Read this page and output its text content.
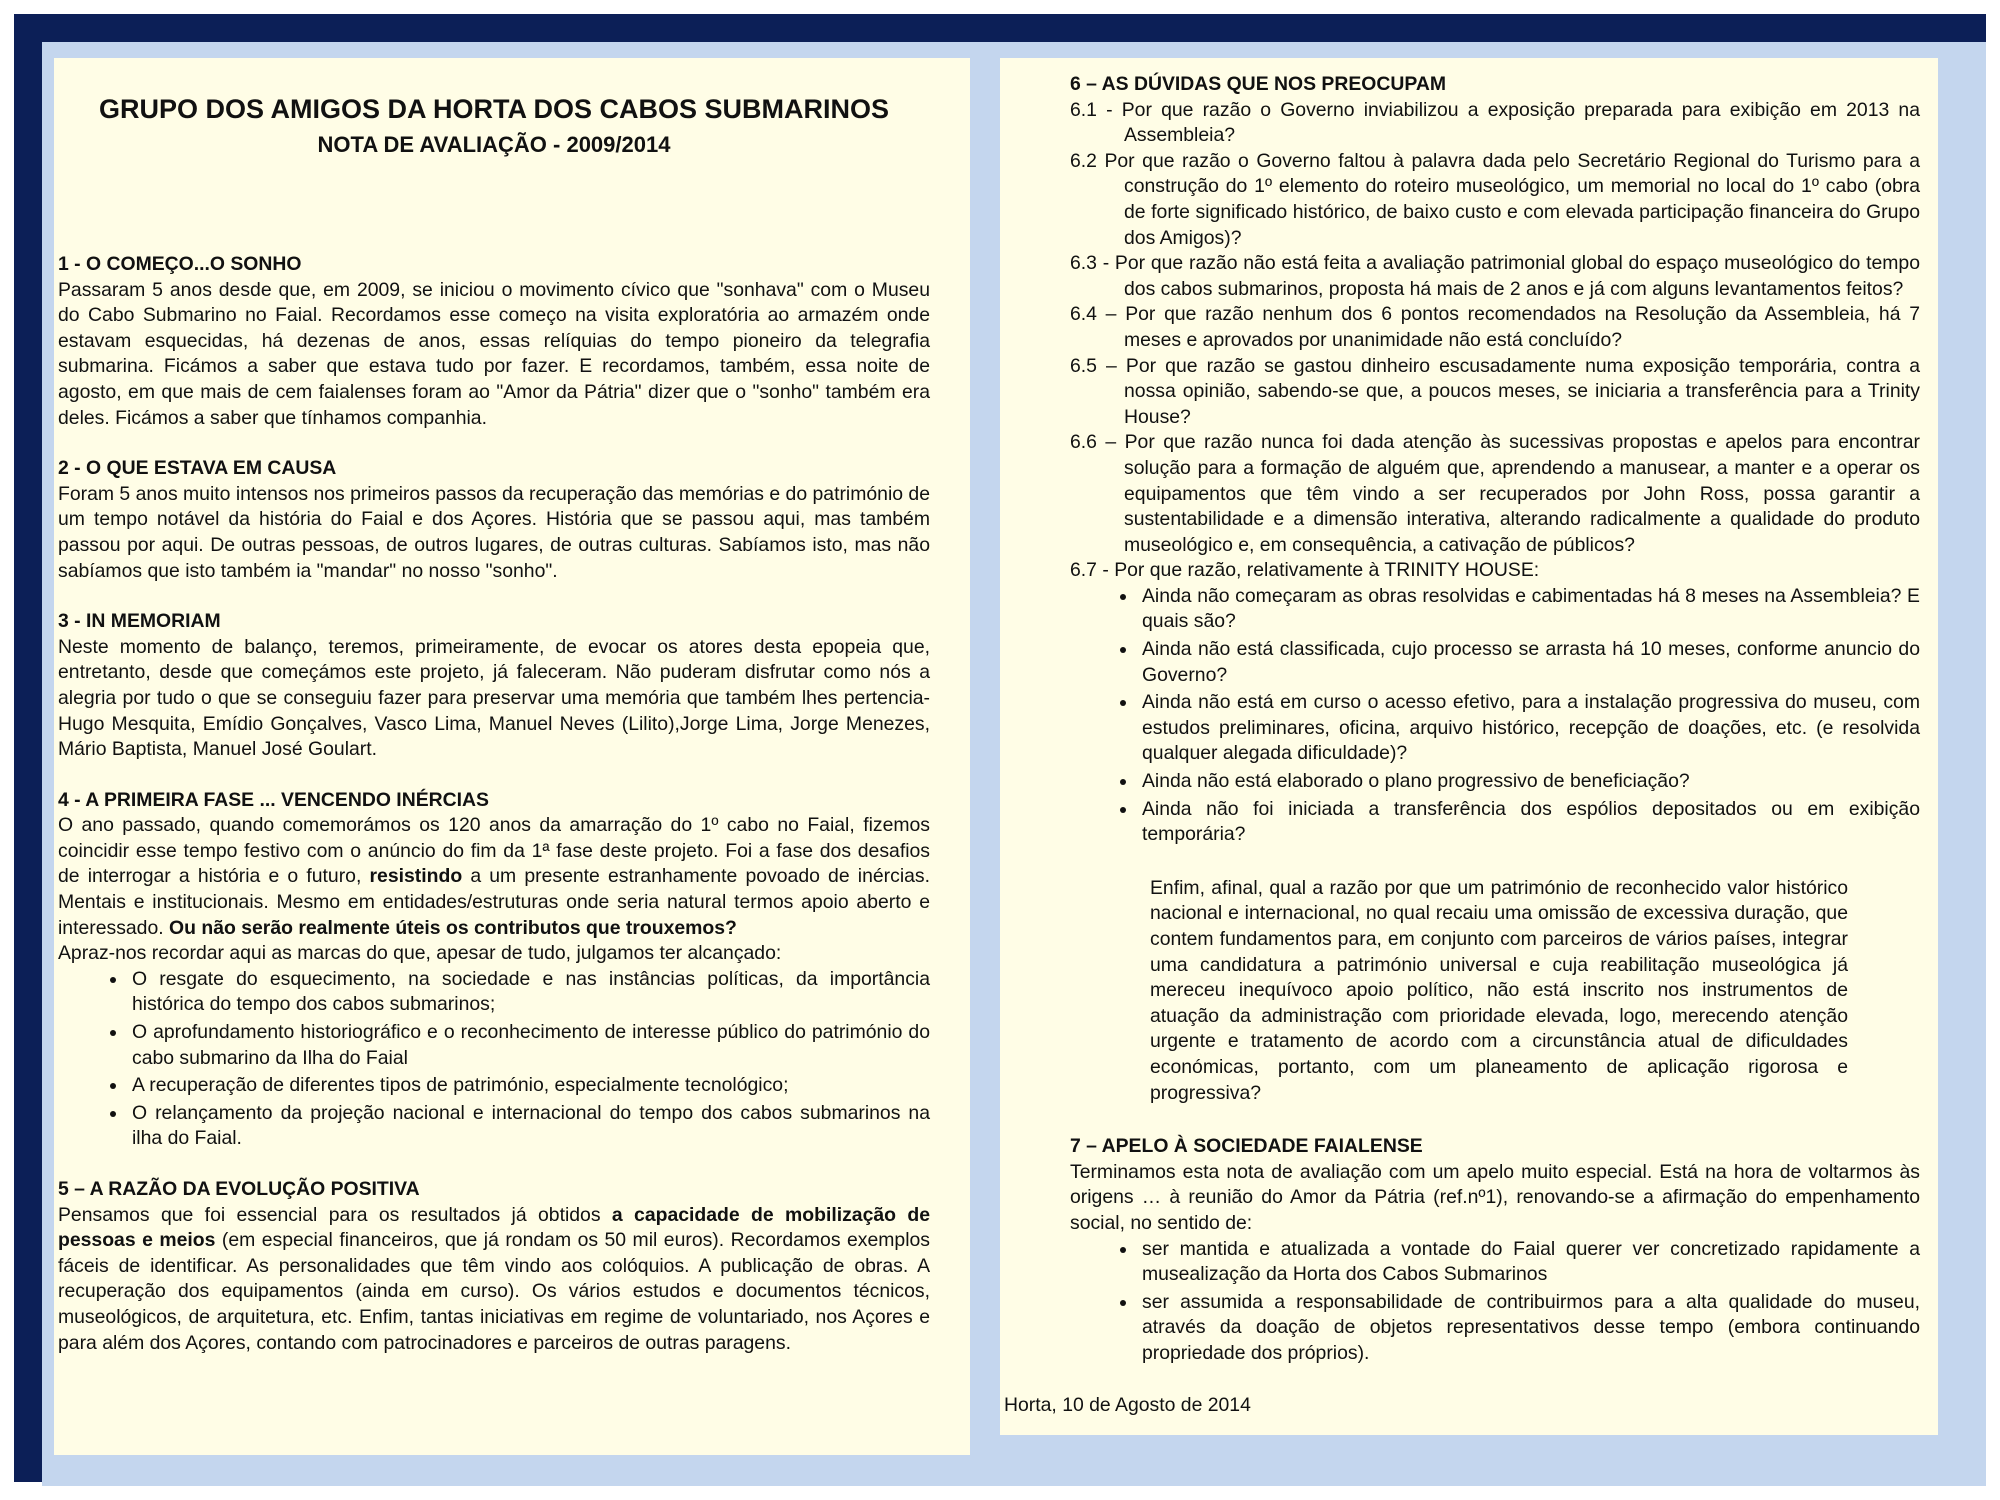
GRUPO DOS AMIGOS DA HORTA DOS CABOS SUBMARINOS
NOTA DE AVALIAÇÃO - 2009/2014
1 - O COMEÇO...O SONHO

Passaram 5 anos desde que, em 2009, se iniciou o movimento cívico que "sonhava" com o Museu do Cabo Submarino no Faial. Recordamos esse começo na visita exploratória ao armazém onde estavam esquecidas, há dezenas de anos, essas relíquias do tempo pioneiro da telegrafia submarina. Ficámos a saber que estava tudo por fazer. E recordamos, também, essa noite de agosto, em que mais de cem faialenses foram ao "Amor da Pátria" dizer que o "sonho" também era deles. Ficámos a saber que tínhamos companhia.

2 - O QUE ESTAVA EM CAUSA

Foram 5 anos muito intensos nos primeiros passos da recuperação das memórias e do património de um tempo notável da história do Faial e dos Açores. História que se passou aqui, mas também passou por aqui. De outras pessoas, de outros lugares, de outras culturas. Sabíamos isto, mas não sabíamos que isto também ia "mandar" no nosso "sonho".

3 - IN MEMORIAM

Neste momento de balanço, teremos, primeiramente, de evocar os atores desta epopeia que, entretanto, desde que começámos este projeto, já faleceram. Não puderam disfrutar como nós a alegria por tudo o que se conseguiu fazer para preservar uma memória que também lhes pertencia- Hugo Mesquita, Emídio Gonçalves, Vasco Lima, Manuel Neves (Lilito),Jorge Lima, Jorge Menezes, Mário Baptista, Manuel José Goulart.

4 - A PRIMEIRA FASE ... VENCENDO INÉRCIAS

O ano passado, quando comemorámos os 120 anos da amarração do 1º cabo no Faial, fizemos coincidir esse tempo festivo com o anúncio do fim da 1ª fase deste projeto. Foi a fase dos desafios de interrogar a história e o futuro, resistindo a um presente estranhamente povoado de inércias. Mentais e institucionais. Mesmo em entidades/estruturas onde seria natural termos apoio aberto e interessado. Ou não serão realmente úteis os contributos que trouxemos?

Apraz-nos recordar aqui as marcas do que, apesar de tudo, julgamos ter alcançado:

• O resgate do esquecimento, na sociedade e nas instâncias políticas, da importância histórica do tempo dos cabos submarinos;
• O aprofundamento historiográfico e o reconhecimento de interesse público do património do cabo submarino da Ilha do Faial
• A recuperação de diferentes tipos de património, especialmente tecnológico;
• O relançamento da projeção nacional e internacional do tempo dos cabos submarinos na ilha do Faial.
5 – A RAZÃO DA EVOLUÇÃO POSITIVA

Pensamos que foi essencial para os resultados já obtidos a capacidade de mobilização de pessoas e meios (em especial financeiros, que já rondam os 50 mil euros). Recordamos exemplos fáceis de identificar. As personalidades que têm vindo aos colóquios. A publicação de obras. A recuperação dos equipamentos (ainda em curso). Os vários estudos e documentos técnicos, museológicos, de arquitetura, etc. Enfim, tantas iniciativas em regime de voluntariado, nos Açores e para além dos Açores, contando com patrocinadores e parceiros de outras paragens.

6 – AS DÚVIDAS QUE NOS PREOCUPAM

6.1 - Por que razão o Governo inviabilizou a exposição preparada para exibição em 2013 na Assembleia?

6.2 Por que razão o Governo faltou à palavra dada pelo Secretário Regional do Turismo para a construção do 1º elemento do roteiro museológico, um memorial no local do 1º cabo (obra de forte significado histórico, de baixo custo e com elevada participação financeira do Grupo dos Amigos)?

6.3 - Por que razão não está feita a avaliação patrimonial global do espaço museológico do tempo dos cabos submarinos, proposta há mais de 2 anos e já com alguns levantamentos feitos?

6.4 – Por que razão nenhum dos 6 pontos recomendados na Resolução da Assembleia, há 7 meses e aprovados por unanimidade não está concluído?

6.5 – Por que razão se gastou dinheiro escusadamente numa exposição temporária, contra a nossa opinião, sabendo-se que, a poucos meses, se iniciaria a transferência para a Trinity House?

6.6 – Por que razão nunca foi dada atenção às sucessivas propostas e apelos para encontrar solução para a formação de alguém que, aprendendo a manusear, a manter e a operar os equipamentos que têm vindo a ser recuperados por John Ross, possa garantir a sustentabilidade e a dimensão interativa, alterando radicalmente a qualidade do produto museológico e, em consequência, a cativação de públicos?

6.7 - Por que razão, relativamente à TRINITY HOUSE:

• Ainda não começaram as obras resolvidas e cabimentadas há 8 meses na Assembleia? E quais são?
• Ainda não está classificada, cujo processo se arrasta há 10 meses, conforme anuncio do Governo?
• Ainda não está em curso o acesso efetivo, para a instalação progressiva do museu, com estudos preliminares, oficina, arquivo histórico, recepção de doações, etc. (e resolvida qualquer alegada dificuldade)?
• Ainda não está elaborado o plano progressivo de beneficiação?
• Ainda não foi iniciada a transferência dos espólios depositados ou em exibição temporária?

Enfim, afinal, qual a razão por que um património de reconhecido valor histórico nacional e internacional, no qual recaiu uma omissão de excessiva duração, que contem fundamentos para, em conjunto com parceiros de vários países, integrar uma candidatura a património universal e cuja reabilitação museológica já mereceu inequívoco apoio político, não está inscrito nos instrumentos de atuação da administração com prioridade elevada, logo, merecendo atenção urgente e tratamento de acordo com a circunstância atual de dificuldades económicas, portanto, com um planeamento de aplicação rigorosa e progressiva?

7 – APELO À SOCIEDADE FAIALENSE

Terminamos esta nota de avaliação com um apelo muito especial. Está na hora de voltarmos às origens … à reunião do Amor da Pátria (ref.nº1), renovando-se a afirmação do empenhamento social, no sentido de:

• ser mantida e atualizada a vontade do Faial querer ver concretizado rapidamente a musealização da Horta dos Cabos Submarinos
• ser assumida a responsabilidade de contribuirmos para a alta qualidade do museu, através da doação de objetos representativos desse tempo (embora continuando propriedade dos próprios).

Horta, 10 de Agosto de 2014
